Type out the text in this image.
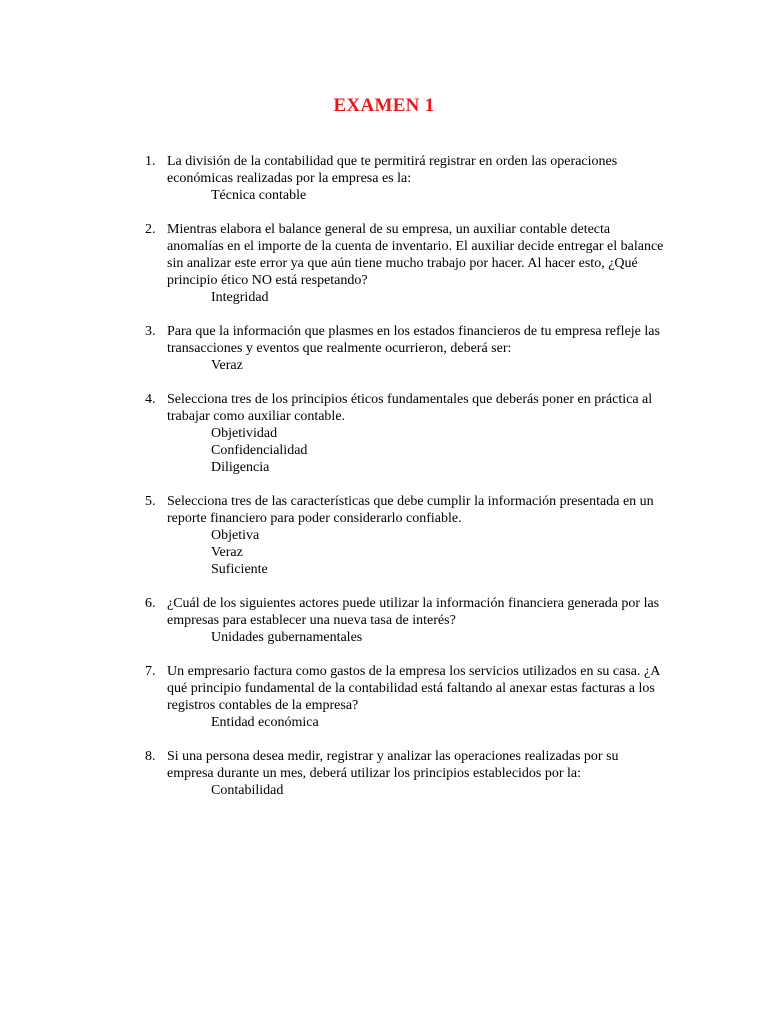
EXAMEN 1
1. La división de la contabilidad que te permitirá registrar en orden las operaciones económicas realizadas por la empresa es la:
Técnica contable
2. Mientras elabora el balance general de su empresa, un auxiliar contable detecta anomalías en el importe de la cuenta de inventario. El auxiliar decide entregar el balance sin analizar este error ya que aún tiene mucho trabajo por hacer. Al hacer esto, ¿Qué principio ético NO está respetando?
Integridad
3. Para que la información que plasmes en los estados financieros de tu empresa refleje las transacciones y eventos que realmente ocurrieron, deberá ser:
Veraz
4. Selecciona tres de los principios éticos fundamentales que deberás poner en práctica al trabajar como auxiliar contable.
Objetividad
Confidencialidad
Diligencia
5. Selecciona tres de las características que debe cumplir la información presentada en un reporte financiero para poder considerarlo confiable.
Objetiva
Veraz
Suficiente
6. ¿Cuál de los siguientes actores puede utilizar la información financiera generada por las empresas para establecer una nueva tasa de interés?
Unidades gubernamentales
7. Un empresario factura como gastos de la empresa los servicios utilizados en su casa. ¿A qué principio fundamental de la contabilidad está faltando al anexar estas facturas a los registros contables de la empresa?
Entidad económica
8. Si una persona desea medir, registrar y analizar las operaciones realizadas por su empresa durante un mes, deberá utilizar los principios establecidos por la:
Contabilidad
